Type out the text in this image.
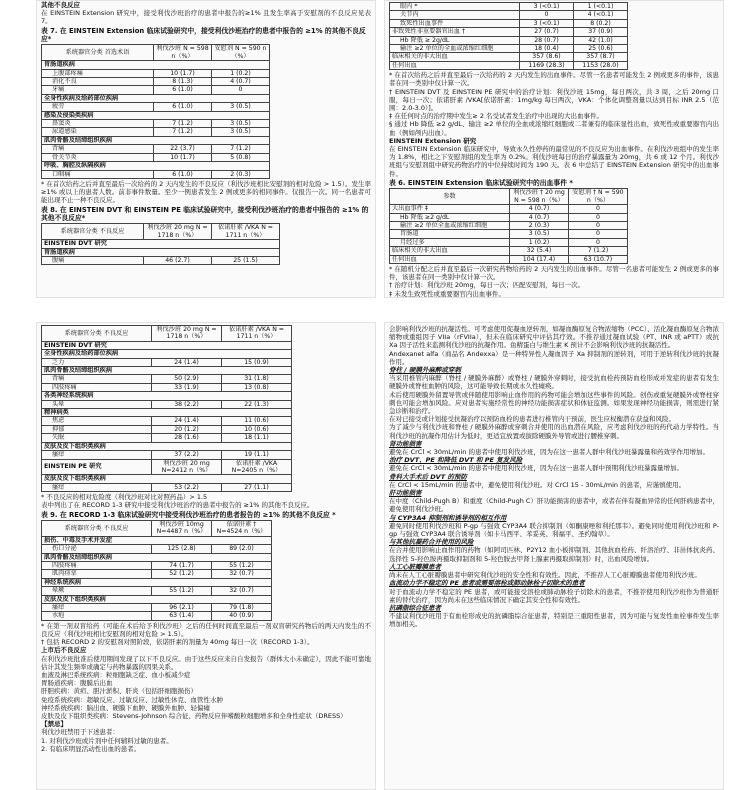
其他不良反应
在 EINSTEIN Extension 研究中，接受利伐沙班治疗的患者中报告的≥1% 且发生率高于安慰剂的不良反应见表 7。
表 7. 在 EINSTEIN Extension 临床试验研究中，接受利伐沙班治疗的患者中报告的 ≥1% 的其他不良反应*
系统器官分类 首选术语	利伐沙班 N = 598 n（%）	安慰剂 N = 590 n（%）
胃肠道疾病		
上腹部疼痛	10 (1.7)	1 (0.2)
消化不良	8 (1.3)	4 (0.7)
牙痛	6 (1.0)	0
全身性疾病及给药部位疾病		
疲劳	6 (1.0)	3 (0.5)
感染及侵染类疾病		
鼻窦炎	7 (1.2)	3 (0.5)
尿道感染	7 (1.2)	3 (0.5)
肌肉骨骼及结缔组织疾病		
背痛	22 (3.7)	7 (1.2)
骨关节炎	10 (1.7)	5 (0.8)
呼吸、胸腔及纵隔疾病		
口咽痛	6 (1.0)	2 (0.3)
* 在首次给药之后并直至最后一次给药的 2 天内发生的不良反应（利伐沙班相比安慰剂的相对危险 > 1.5）。发生率 ≥1% 或以上的患者人数。前非事件数量。至少一例患者发生 2 例或更多的相同事件。仅报告一次。同一名患者可能出现不止一种不良反应。
表 8. 在 EINSTEIN DVT 和 EINSTEIN PE 临床试验研究中，接受利伐沙班治疗的患者中报告的 ≥1% 的其他不良反应*
系统器官分类 不良反应	利伐沙班 20 mg N = 1718 n（%）	依诺肝素 /VKA N = 1711 n（%）
EINSTEIN DVT 研究		
胃肠道疾病		
腹痛	46 (2.7)	25 (1.5)
眼内 *	3 (<0.1)	1 (<0.1)
关节内	0	4 (<0.1)
致死性出血事件	3 (<0.1)	8 (0.2)
非致死性非重要器官出血 †	27 (0.7)	37 (0.9)
Hb 降低 ≥ 2g/dL	28 (0.7)	42 (1.0)
输注 ≥2 单位的全血或浓缩红细胞	18 (0.4)	25 (0.6)
临床相关的非大出血	357 (8.6)	357 (8.7)
任何出血	1169 (28.3)	1153 (28.0)
* 在首次给药之后并直至最后一次给药的 2 天内发生的出血事件。尽管一名患者可能发生 2 例或更多的事件，该患者在同一类别中仅计算一次。
† EINSTEIN DVT 及 EINSTEIN PE 研究中的治疗计划：利伐沙班 15mg，每日两次，共 3 周，之后 20mg 口服，每日一次；依诺肝素 /VKA[依诺肝素：1mg/kg 每日两次，VKA：个体化调整剂量以达到目标 INR 2.5（范围：2.0-3.0）]。
‡ 在任何时点的治疗期中发生≥ 2 名受试者发生治疗中出现的大出血事件。
§ 通过 Hb 降低 ≥2 g/dL、输注 ≥2 单位的全血或浓缩红细胞或二者兼有的临床显性出血，致死性或重要器官内出血（例如颅内出血）。
EINSTEIN Extension 研究
在 EINSTEIN Extension 临床研究中，导致永久性停药的最常见的不良反应为出血事件。在利伐沙班组中的发生率为 1.8%，相比之下安慰剂组的发生率为 0.2%。利伐沙班每日的治疗暴露量为 20mg，共 6 或 12 个月。利伐沙班组与安慰剂组中研究药物治疗的中位持续时间为 190 天。表 6 中总结了 EINSTEIN Extension 研究中的出血事件。
表 6. EINSTEIN Extension 临床试验研究中的出血事件 *
参数	利伐沙班 † 20 mg N = 598 n（%）	安慰剂 † N = 590 n（%）
大出血事件 ‡	4 (0.7)	0
Hb 降低 ≥2 g/dL	4 (0.7)	0
输注 ≥2 单位全血或浓缩红细胞	2 (0.3)	0
胃肠道	3 (0.5)	0
月经过多	1 (0.2)	0
临床相关的非大出血	32 (5.4)	7 (1.2)
任何出血	104 (17.4)	63 (10.7)
* 在随机分配之后并直至最后一次研究药物给药的 2 天内发生的出血事件。尽管一名患者可能发生 2 例或更多的事件，该患者在同一类别中仅计算一次。
† 治疗计划：利伐沙班 20mg，每日一次；匹配安慰剂，每日一次。
‡ 未发生致死性或重要器官内出血事件。
系统器官分类 不良反应	利伐沙班 20 mg N = 1718 n（%）	依诺肝素 /VKA N = 1711 n（%）
EINSTEIN DVT 研究		
全身性疾病及给药部位疾病		
乏力	24 (1.4)	15 (0.9)
肌肉骨骼及结缔组织疾病		
背痛	50 (2.9)	31 (1.8)
四肢疼痛	33 (1.9)	13 (0.8)
各类神经系统疾病		
头晕	38 (2.2)	22 (1.3)
精神病类		
焦虑	24 (1.4)	11 (0.6)
抑郁	20 (1.2)	10 (0.6)
失眠	28 (1.6)	18 (1.1)
皮肤及皮下组织类疾病		
瘙痒	37 (2.2)	19 (1.1)
EINSTEIN PE 研究	利伐沙班 20 mg N=2412 n（%）	依诺肝素 /VKA N=2405 n（%）
皮肤及皮下组织类疾病		
瘙痒	53 (2.2)	27 (1.1)
* 不良反应的相对危险度（利伐沙班对比对照药品）> 1.5
表中列出了在 RECORD 1-3 研究中接受利伐沙班治疗的患者中报告的 ≥1% 的其他不良反应。
表 9. 在 RECORD 1-3 临床试验研究中接受利伐沙班治疗的患者报告的 ≥1% 的其他不良反应 *
系统器官分类 不良反应	利伐沙班 10mg N=4487 n（%）	依诺肝素 † N=4524 n（%）
损伤、中毒及手术并发症		
伤口分泌	125 (2.8)	89 (2.0)
肌肉骨骼及结缔组织疾病		
四肢疼痛	74 (1.7)	55 (1.2)
肌肉痉挛	52 (1.2)	32 (0.7)
神经系统疾病		
晕厥	55 (1.2)	32 (0.7)
皮肤及皮下组织类疾病		
瘙痒	96 (2.1)	79 (1.8)
水疱	63 (1.4)	40 (0.9)
* 在第一剂双盲给药（可能在术后给予利伐沙班）之后的任何时间直至最后一剂双盲研究药物后的两天内发生的不良反应（利伐沙班相比安慰剂的相对危险 > 1.5）。
† 包括 RECORD 2 的安慰剂对照阶段，依诺肝素的剂量为 40mg 每日一次（RECORD 1-3）。
上市后不良反应
在利伐沙班批准后使用期间发现了以下不良反应。由于这些反应来自自发报告（群体大小未确定），因此不能可靠地估计其发生频率或确定与药物暴露的因果关系。
血液及淋巴系统疾病：粒细胞缺乏症、血小板减少症
胃肠道疾病：腹膜后出血
肝胆疾病：黄疸、胆汁淤积、肝炎（包括肝细胞损伤）
免疫系统疾病：超敏反应、过敏反应、过敏性休克、血管性水肿
神经系统疾病：脑出血、硬膜下血肿、硬膜外血肿、轻偏瘫
皮肤及皮下组织类疾病：Stevens-Johnson 综合征、药物反应伴嗜酸粒细胞增多和全身性症状（DRESS）
【禁忌】
利伐沙班禁用于下述患者：
1. 对利伐沙班或片剂中任何辅料过敏的患者。
2. 有临床明显活动性出血的患者。
会影响利伐沙班的抗凝活性。可考虑使用促凝血逆转剂，如凝血酶原复合物浓缩物（PCC）、活化凝血酶原复合物浓缩物或重组因子 VIIa（rFVIIa），但未在临床研究中评估其疗效。不推荐通过凝血试验（PT、INR 或 aPTT）或抗 Xa 因子活性来监测利伐沙班的抗凝作用。鱼精蛋白与维生素 K 预计不会影响利伐沙班的抗凝活性。
Andexanet alfa（商品名 Andexxa）是一种特异性人凝血因子 Xa 抑制剂的逆转剂，可用于逆转利伐沙班的抗凝作用。
脊柱 / 硬膜外麻醉或穿刺
当采用椎管内麻醉（脊柱 / 硬膜外麻醉）或脊柱 / 硬膜外穿刺时，接受抗血栓药预防血栓形成并发症的患者有发生硬膜外或脊柱血肿的风险，这可能导致长期或永久性瘫痪。
术后使用硬膜外留置导管或伴随使用影响止血作用的药物可能会增加这些事件的风险。创伤或重复硬膜外或脊柱穿刺也可能会增加风险。应对患者实施经常性的神经功能损害症状和体征监测。如果发现神经功能损害，则需进行紧急诊断和治疗。
在对已接受或计划接受抗凝治疗以预防血栓的患者进行椎管内干预前，医生应权衡潜在获益和风险。
为了减少与利伐沙班和脊柱 / 硬膜外麻醉或穿刺合并使用的出血潜在风险，应考虑利伐沙班的药代动力学特性。当利伐沙班的抗凝作用估计为低时，更适宜放置或拔除硬膜外导管或进行腰椎穿刺。
肾功能损害
避免在 CrCl < 30mL/min 的患者中使用利伐沙班，因为在这一患者人群中利伐沙班暴露量和药效学作用增加。
治疗 DVT、PE 和降低 DVT 和 PE 复发风险
避免在 CrCl < 30mL/min 的患者中使用利伐沙班，因为在这一患者人群中预期利伐沙班暴露量增加。
骨科大手术后 DVT 的预防
在 CrCl < 15mL/min 的患者中，避免使用利伐沙班。对 CrCl 15 - 30mL/min 的患者，应谨慎使用。
肝功能损害
在中度（Child-Pugh B）和重度（Child-Pugh C）肝功能损害的患者中，或者在伴有凝血异常的任何肝病患者中，避免使用利伐沙班。
与 CYP3A4 抑制剂和诱导剂的相互作用
避免同时使用利伐沙班和 P-gp 与强效 CYP3A4 联合抑制剂（如酮康唑和利托那韦）。避免同时使用利伐沙班和 P-gp 与强效 CYP3A4 联合诱导剂（如卡马西平、苯妥英、利福平、圣约翰草）。
与其他抗凝药合并使用的风险
在合并使用影响止血作用的药物（如阿司匹林、P2Y12 血小板抑制剂、其他抗血栓药、纤溶治疗、非甾体抗炎药、选择性 5-羟色胺再摄取抑制剂和 5-羟色胺去甲肾上腺素再摄取抑制剂）时，出血风险增加。
人工心脏瓣膜患者
尚未在人工心脏瓣膜患者中研究利伐沙班的安全性和有效性。因此，不推荐人工心脏瓣膜患者使用利伐沙班。
血流动力学不稳定的 PE 患者或需要溶栓或肺动脉栓子切除术的患者
对于血流动力学不稳定的 PE 患者，或可能接受溶栓或肺动脉栓子切除术的患者，不推荐使用利伐沙班作为普通肝素的替代治疗，因为尚未在这些临床情况下确定其安全性和有效性。
抗磷脂综合征患者
不建议利伐沙班用于有血栓形成史的抗磷脂综合征患者，特别是三重阳性患者，因为可能与复发性血栓事件发生率增加相关。
